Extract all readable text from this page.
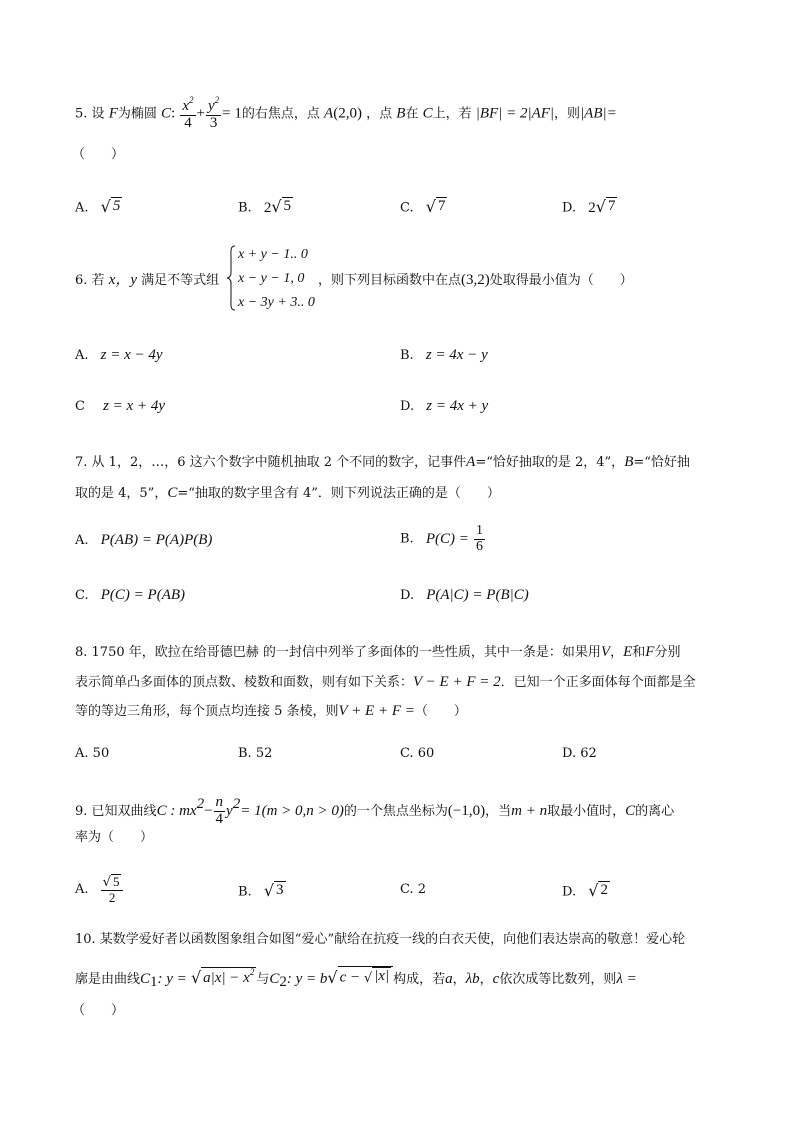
5. 设 F为椭圆 C: $\frac{x^2}{4} + \frac{y^2}{3} = 1$的右焦点，点 A(2,0) ，点 B在 C上，若 |BF| = 2|AF|，则|AB|=
（　　）
A. √ 5	B. 2 √ 5	C. √ 7	D. 2 √ 7
6. 若 x，y 满足不等式组
x + y − 1.. 0
x − y − 1, 0
x − 3y + 3.. 0
，则下列目标函数中在点(3,2)处取得最小值为（　　）
A. z = x − 4y	B. z = 4x − y
C z = x + 4y	D. z = 4x + y
7. 从 1，2，…，6 这六个数字中随机抽取 2 个不同的数字，记事件A=“恰好抽取的是 2，4”，B=“恰好抽
取的是 4，5”，C=“抽取的数字里含有 4”．则下列说法正确的是（　　）
A. P(AB) = P(A)P(B)	B. $P(C) = \frac{1}{6}$
C. P(C) = P(AB)	D. P(A|C) = P(B|C)
8. 1750 年，欧拉在给哥德巴赫 的一封信中列举了多面体的一些性质，其中一条是：如果用V，E和F分别
表示简单凸多面体的顶点数、棱数和面数，则有如下关系：V − E + F = 2．已知一个正多面体每个面都是全
等的等边三角形，每个顶点均连接 5 条棱，则V + E + F =（　　）
A. 50	B. 52	C. 60	D. 62
9. 已知双曲线C : $mx^2- \frac{n}{4} y^2= 1(m > 0,n > 0)$的一个焦点坐标为(−1,0)，当m + n取最小值时，C的离心
率为（　　）
A. $\frac{√ 5}{2}$	B. √ 3	C. 2	D. √ 2
10. 某数学爱好者以函数图象组合如图“爱心”献给在抗疫一线的白衣天使，向他们表达崇高的敬意！爱心轮
廓是由曲线$C_1$: y = √ $a|x| - x^2$
与$C_2$: y = b √ c − √ |x| 构成，若a，λb，c依次成等比数列，则λ =
（　　）
